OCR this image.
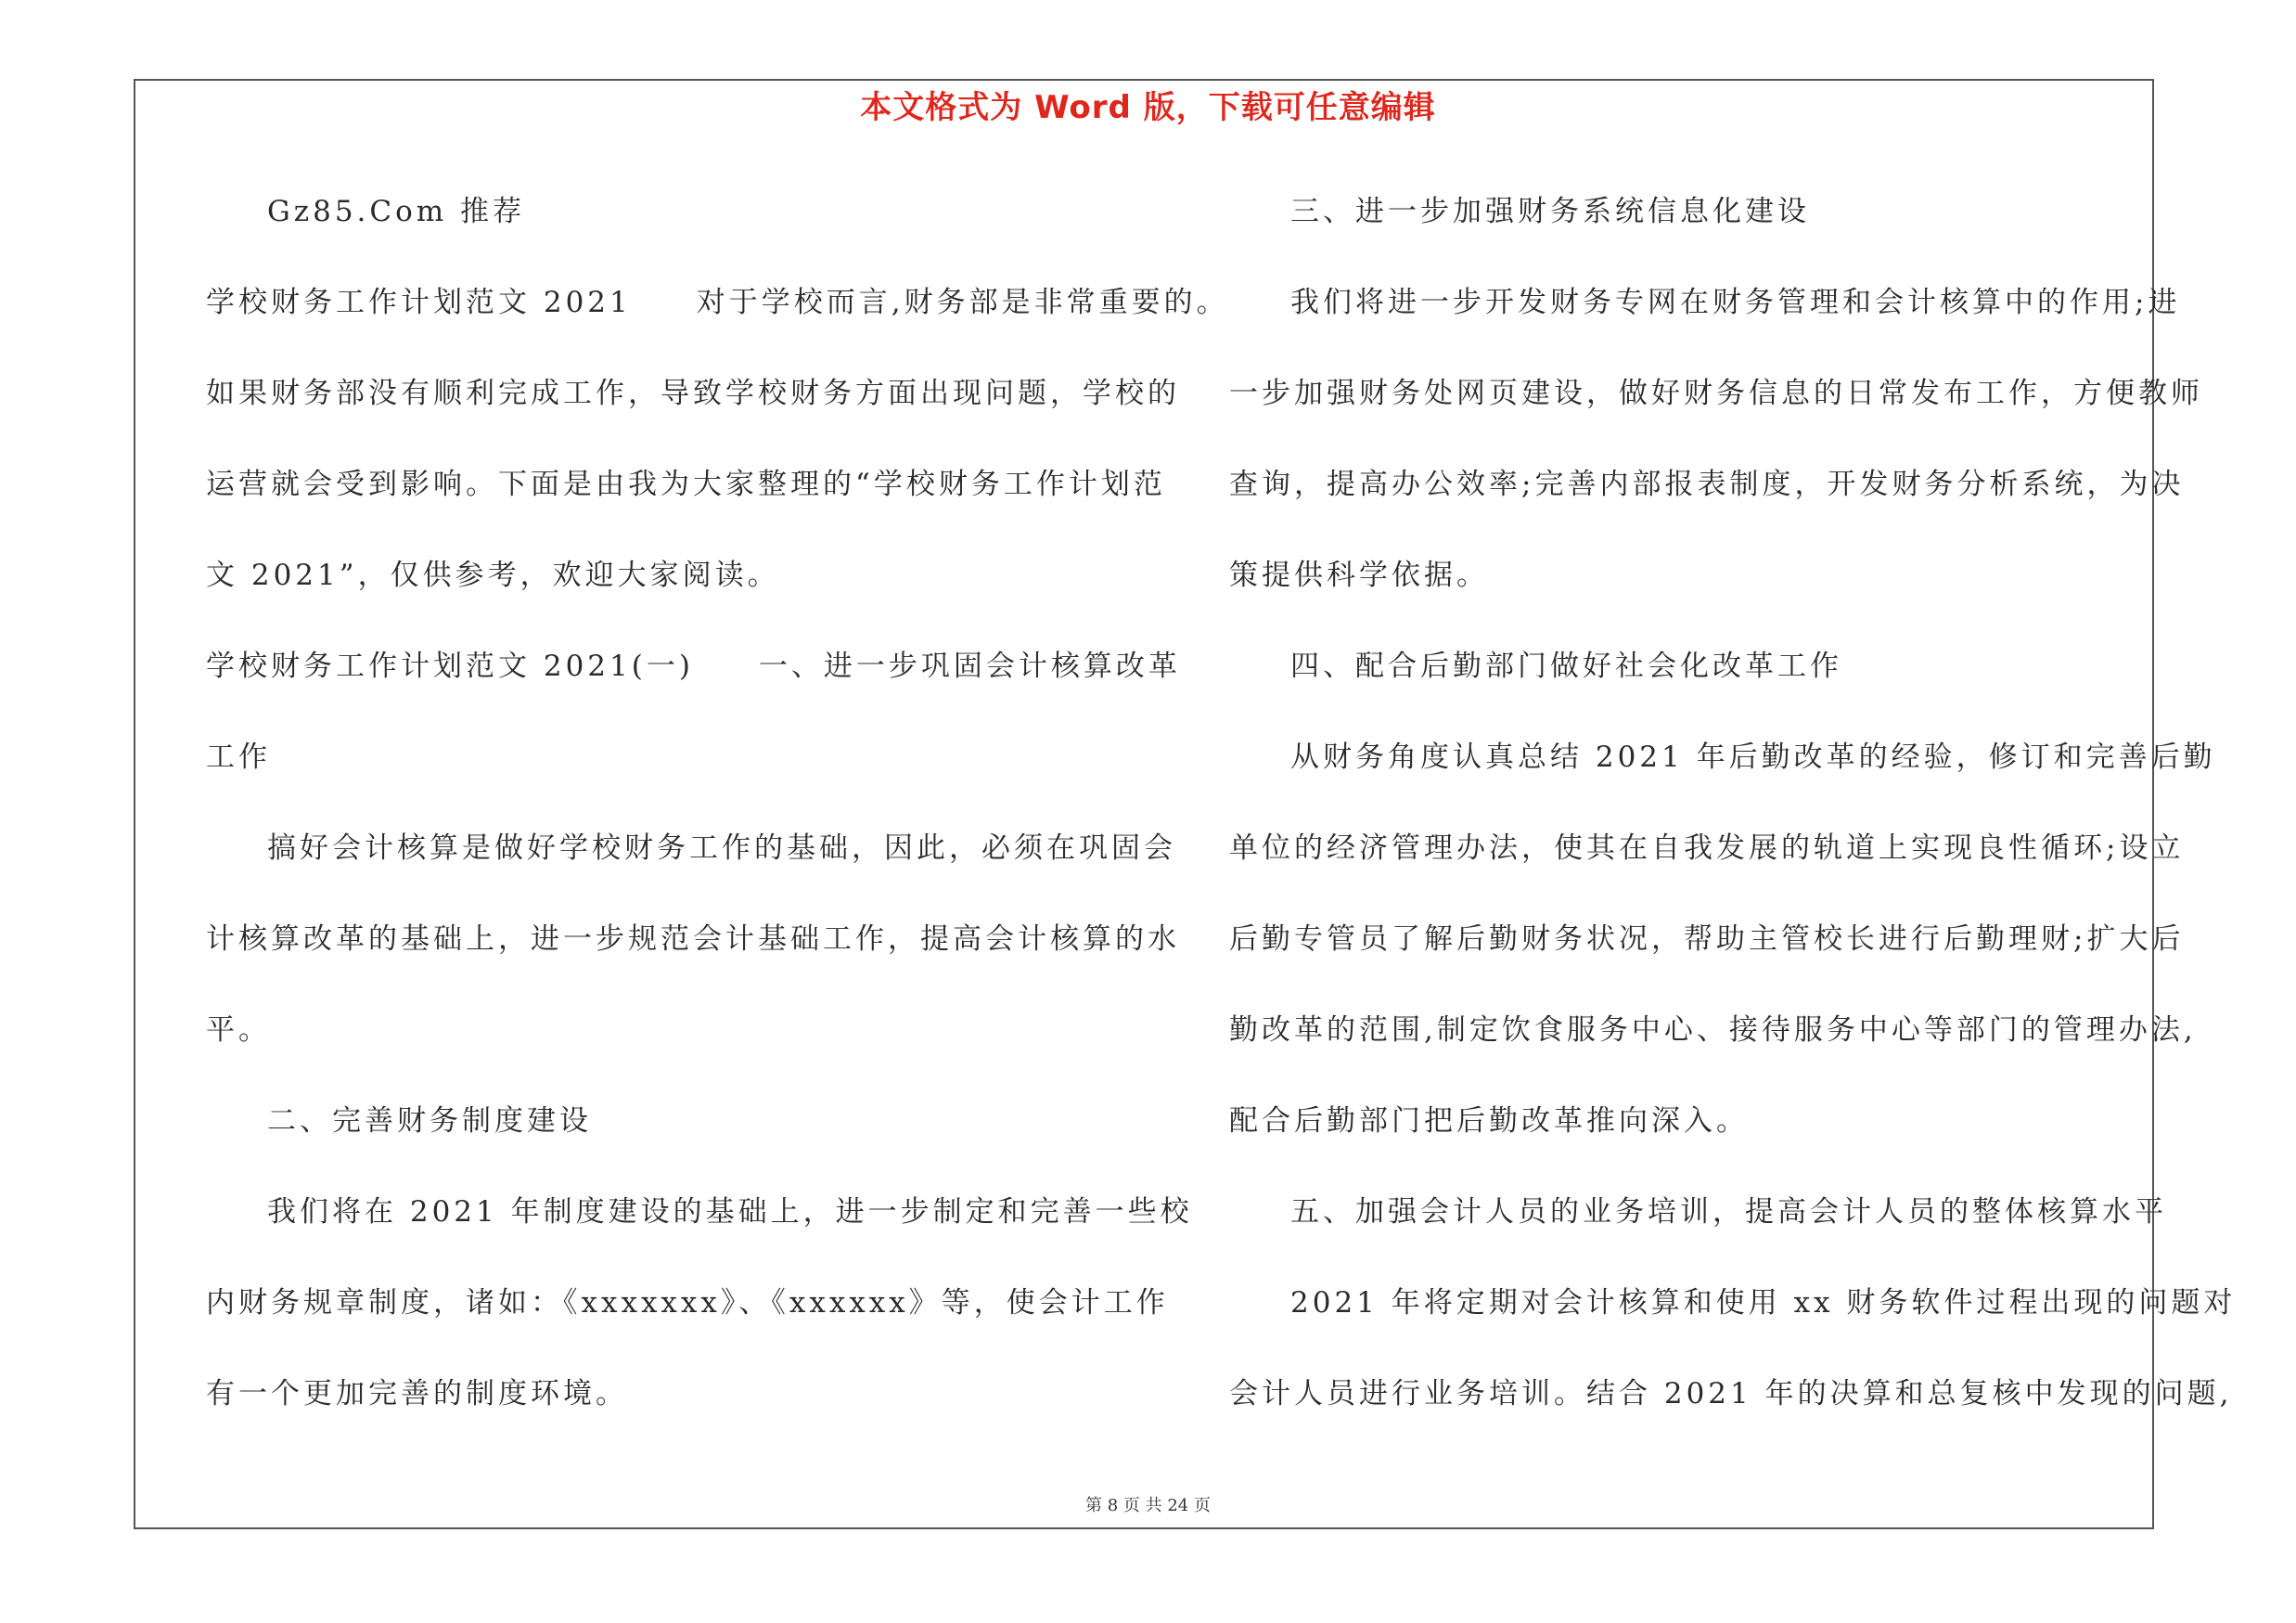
本文格式为 Word 版，下载可任意编辑
Gz85.Com 推荐
学校财务工作计划范文 2021　　对于学校而言,财务部是非常重要的。
如果财务部没有顺利完成工作，导致学校财务方面出现问题，学校的
运营就会受到影响。下面是由我为大家整理的“学校财务工作计划范
文 2021”，仅供参考，欢迎大家阅读。
学校财务工作计划范文 2021(一)　　一、进一步巩固会计核算改革
工作
搞好会计核算是做好学校财务工作的基础，因此，必须在巩固会
计核算改革的基础上，进一步规范会计基础工作，提高会计核算的水
平。
二、完善财务制度建设
我们将在 2021 年制度建设的基础上，进一步制定和完善一些校
内财务规章制度，诸如：《xxxxxxx》、《xxxxxx》等，使会计工作
有一个更加完善的制度环境。
三、进一步加强财务系统信息化建设
我们将进一步开发财务专网在财务管理和会计核算中的作用;进
一步加强财务处网页建设，做好财务信息的日常发布工作，方便教师
查询，提高办公效率;完善内部报表制度，开发财务分析系统，为决
策提供科学依据。
四、配合后勤部门做好社会化改革工作
从财务角度认真总结 2021 年后勤改革的经验，修订和完善后勤
单位的经济管理办法，使其在自我发展的轨道上实现良性循环;设立
后勤专管员了解后勤财务状况，帮助主管校长进行后勤理财;扩大后
勤改革的范围,制定饮食服务中心、接待服务中心等部门的管理办法,
配合后勤部门把后勤改革推向深入。
五、加强会计人员的业务培训，提高会计人员的整体核算水平
2021 年将定期对会计核算和使用 xx 财务软件过程出现的问题对
会计人员进行业务培训。结合 2021 年的决算和总复核中发现的问题,
第 8 页 共 24 页
